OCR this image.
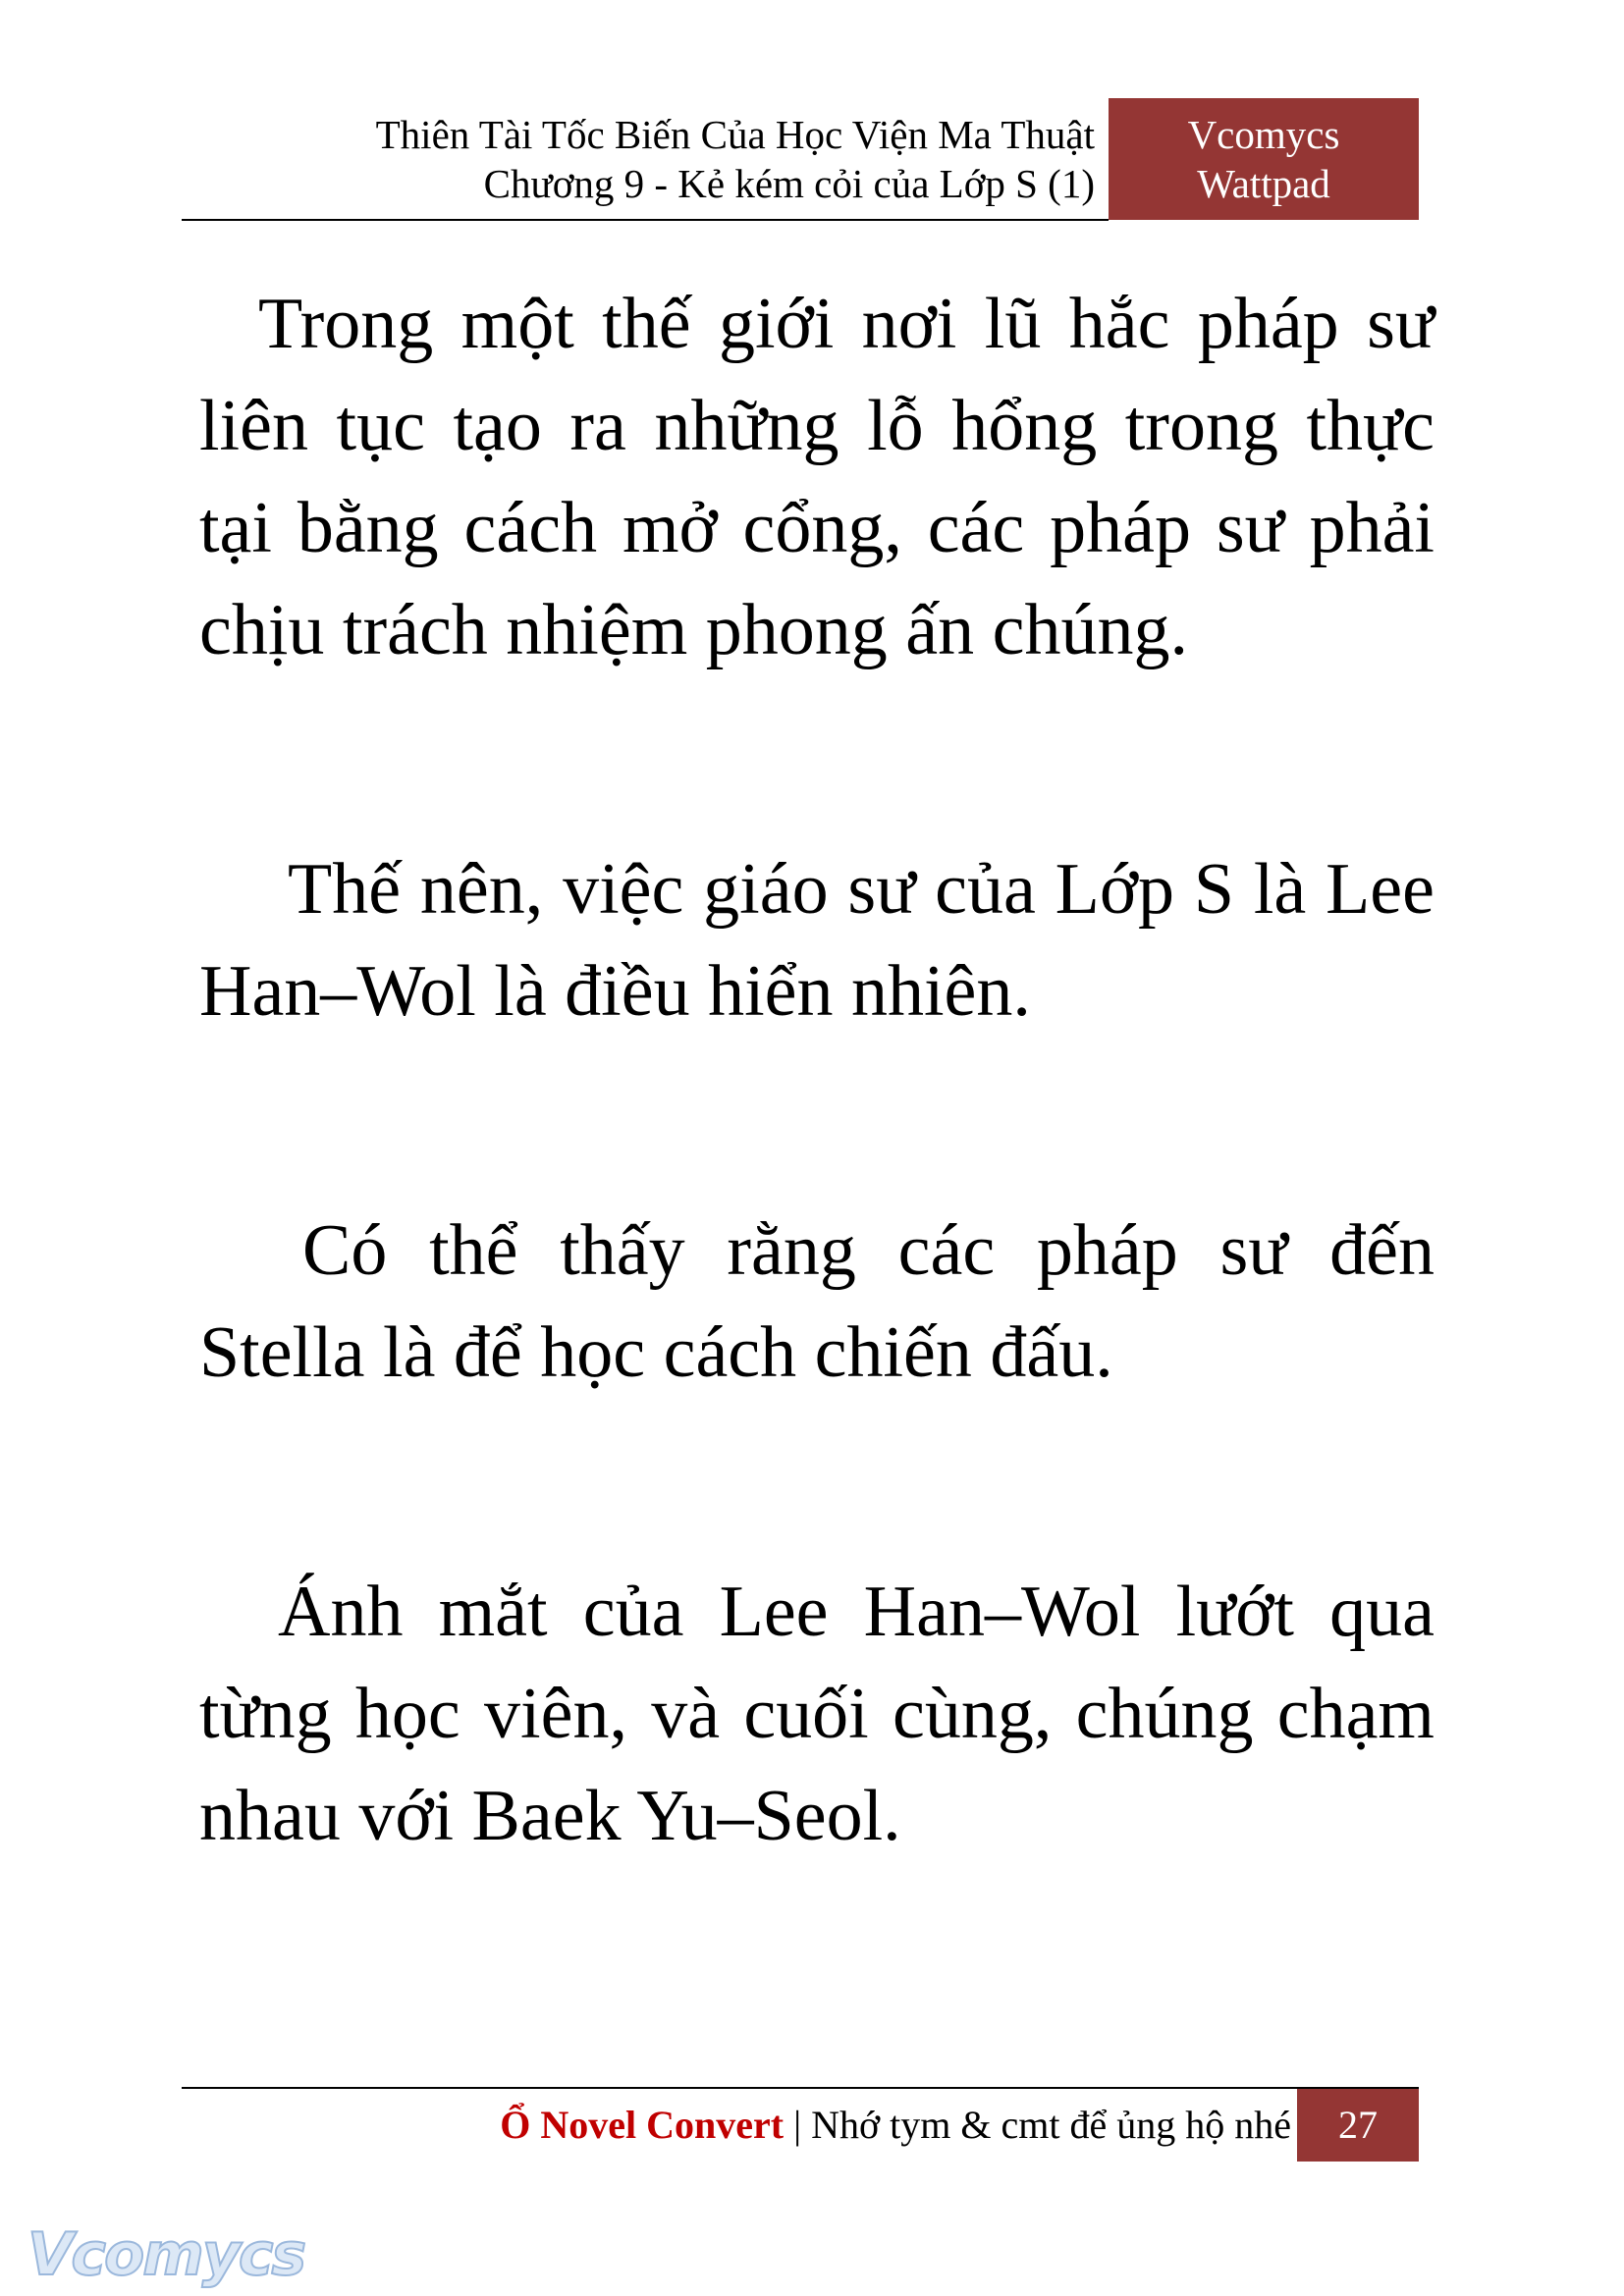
Thiên Tài Tốc Biến Của Học Viện Ma Thuật
Chương 9 - Kẻ kém cỏi của Lớp S (1)
Vcomycs
Wattpad

Trong một thế giới nơi lũ hắc pháp sư liên tục tạo ra những lỗ hổng trong thực tại bằng cách mở cổng, các pháp sư phải chịu trách nhiệm phong ấn chúng.

Thế nên, việc giáo sư của Lớp S là Lee Han–Wol là điều hiển nhiên.

Có thể thấy rằng các pháp sư đến Stella là để học cách chiến đấu.

Ánh mắt của Lee Han–Wol lướt qua từng học viên, và cuối cùng, chúng chạm nhau với Baek Yu–Seol.

Ổ Novel Convert | Nhớ tym & cmt để ủng hộ nhé	27
Vcomycs
